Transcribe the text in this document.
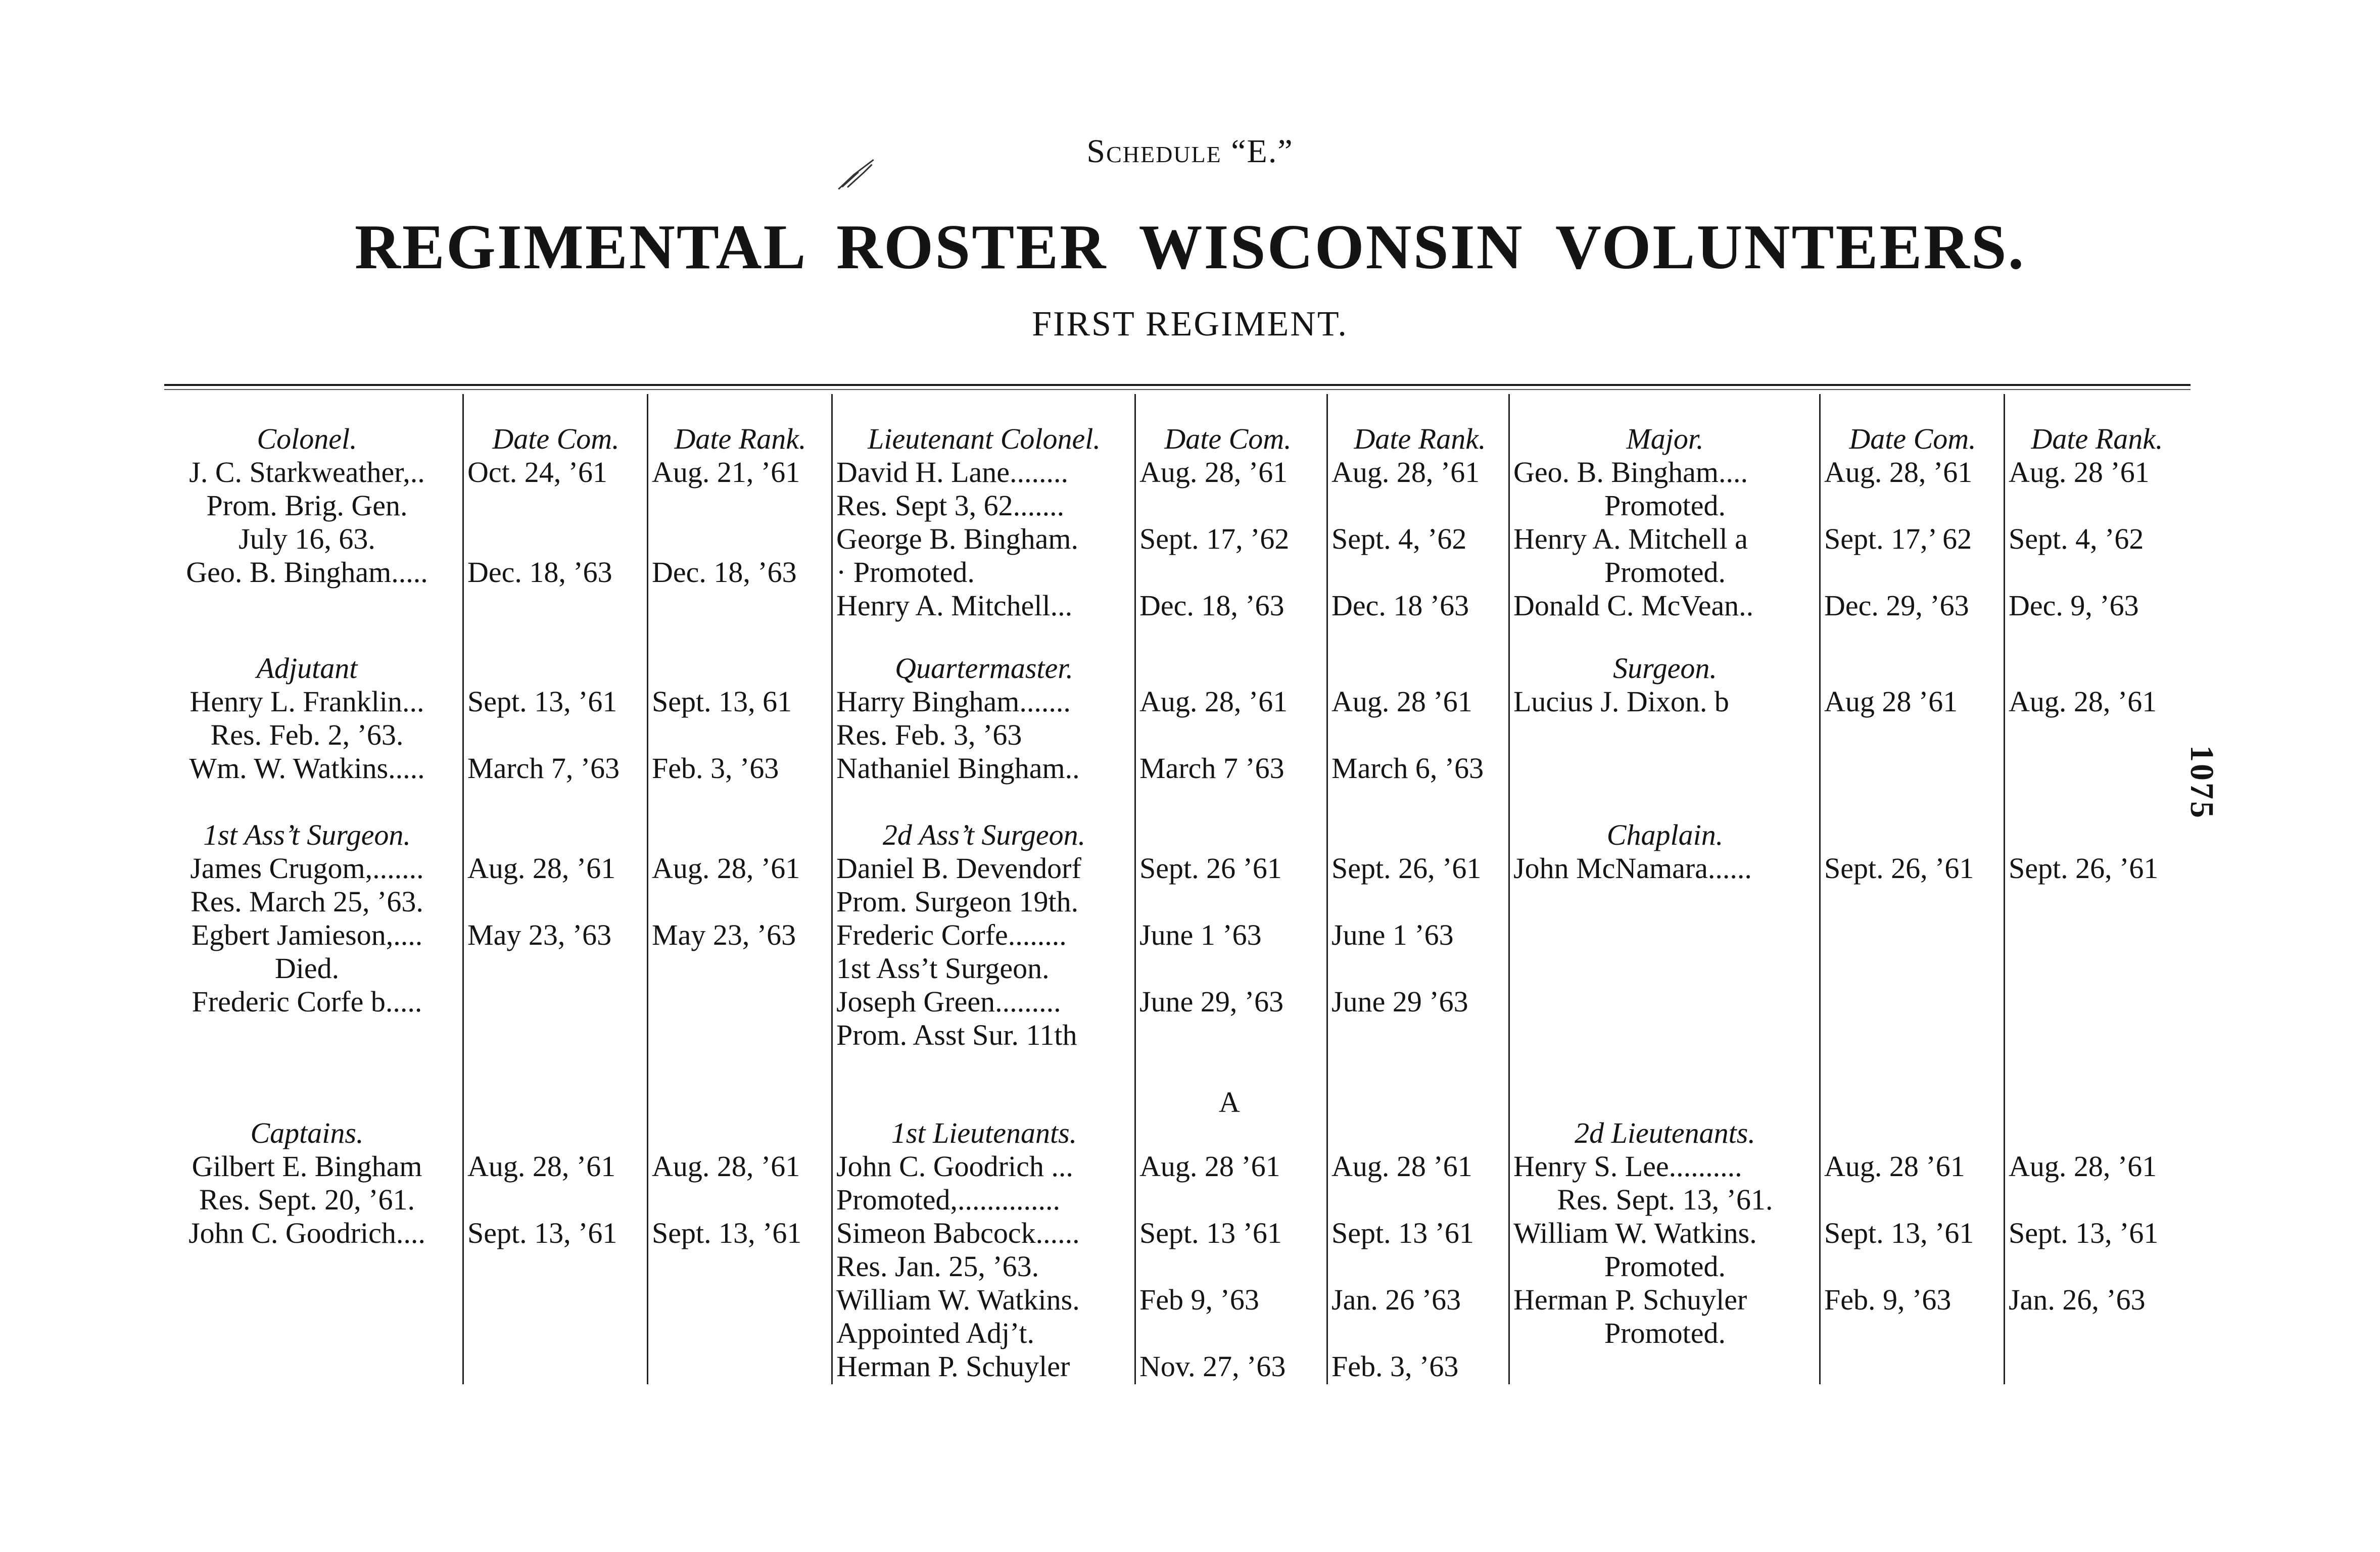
Schedule “E.”
REGIMENTAL ROSTER WISCONSIN VOLUNTEERS.
FIRST REGIMENT.
1075
A
Colonel.	Date Com.	Date Rank.
J. C. Starkweather,..	Oct. 24, ’61	Aug. 21, ’61
Prom. Brig. Gen.
July 16, 63.
Geo. B. Bingham.....	Dec. 18, ’63	Dec. 18, ’63
Lieutenant Colonel.	Date Com.	Date Rank.
David H. Lane........	Aug. 28, ’61	Aug. 28, ’61
Res. Sept 3, 62.......
George B. Bingham.	Sept. 17, ’62	Sept. 4, ’62
· Promoted.
Henry A. Mitchell...	Dec. 18, ’63	Dec. 18 ’63
Major.	Date Com.	Date Rank.
Geo. B. Bingham....	Aug. 28, ’61	Aug. 28 ’61
Promoted.
Henry A. Mitchell a	Sept. 17,’ 62	Sept. 4, ’62
Promoted.
Donald C. McVean..	Dec. 29, ’63	Dec. 9, ’63
Adjutant
Henry L. Franklin...	Sept. 13, ’61	Sept. 13, 61
Res. Feb. 2, ’63.
Wm. W. Watkins.....	March 7, ’63	Feb. 3, ’63
Quartermaster.
Harry Bingham.......	Aug. 28, ’61	Aug. 28 ’61
Res. Feb. 3, ’63
Nathaniel Bingham..	March 7 ’63	March 6, ’63
Surgeon.
Lucius J. Dixon. b	Aug 28 ’61	Aug. 28, ’61
1st Ass’t Surgeon.
James Crugom,.......	Aug. 28, ’61	Aug. 28, ’61
Res. March 25, ’63.
Egbert Jamieson,....	May 23, ’63	May 23, ’63
Died.
Frederic Corfe b.....
2d Ass’t Surgeon.
Daniel B. Devendorf	Sept. 26 ’61	Sept. 26, ’61
Prom. Surgeon 19th.
Frederic Corfe........	June 1 ’63	June 1 ’63
1st Ass’t Surgeon.
Joseph Green.........	June 29, ’63	June 29 ’63
Prom. Asst Sur. 11th
Chaplain.
John McNamara......	Sept. 26, ’61	Sept. 26, ’61
Captains.
Gilbert E. Bingham	Aug. 28, ’61	Aug. 28, ’61
Res. Sept. 20, ’61.
John C. Goodrich....	Sept. 13, ’61	Sept. 13, ’61
1st Lieutenants.
John C. Goodrich ...	Aug. 28 ’61	Aug. 28 ’61
Promoted,..............
Simeon Babcock......	Sept. 13 ’61	Sept. 13 ’61
Res. Jan. 25, ’63.
William W. Watkins.	Feb 9, ’63	Jan. 26 ’63
Appointed Adj’t.
Herman P. Schuyler	Nov. 27, ’63	Feb. 3, ’63
2d Lieutenants.
Henry S. Lee..........	Aug. 28 ’61	Aug. 28, ’61
Res. Sept. 13, ’61.
William W. Watkins.	Sept. 13, ’61	Sept. 13, ’61
Promoted.
Herman P. Schuyler	Feb. 9, ’63	Jan. 26, ’63
Promoted.
